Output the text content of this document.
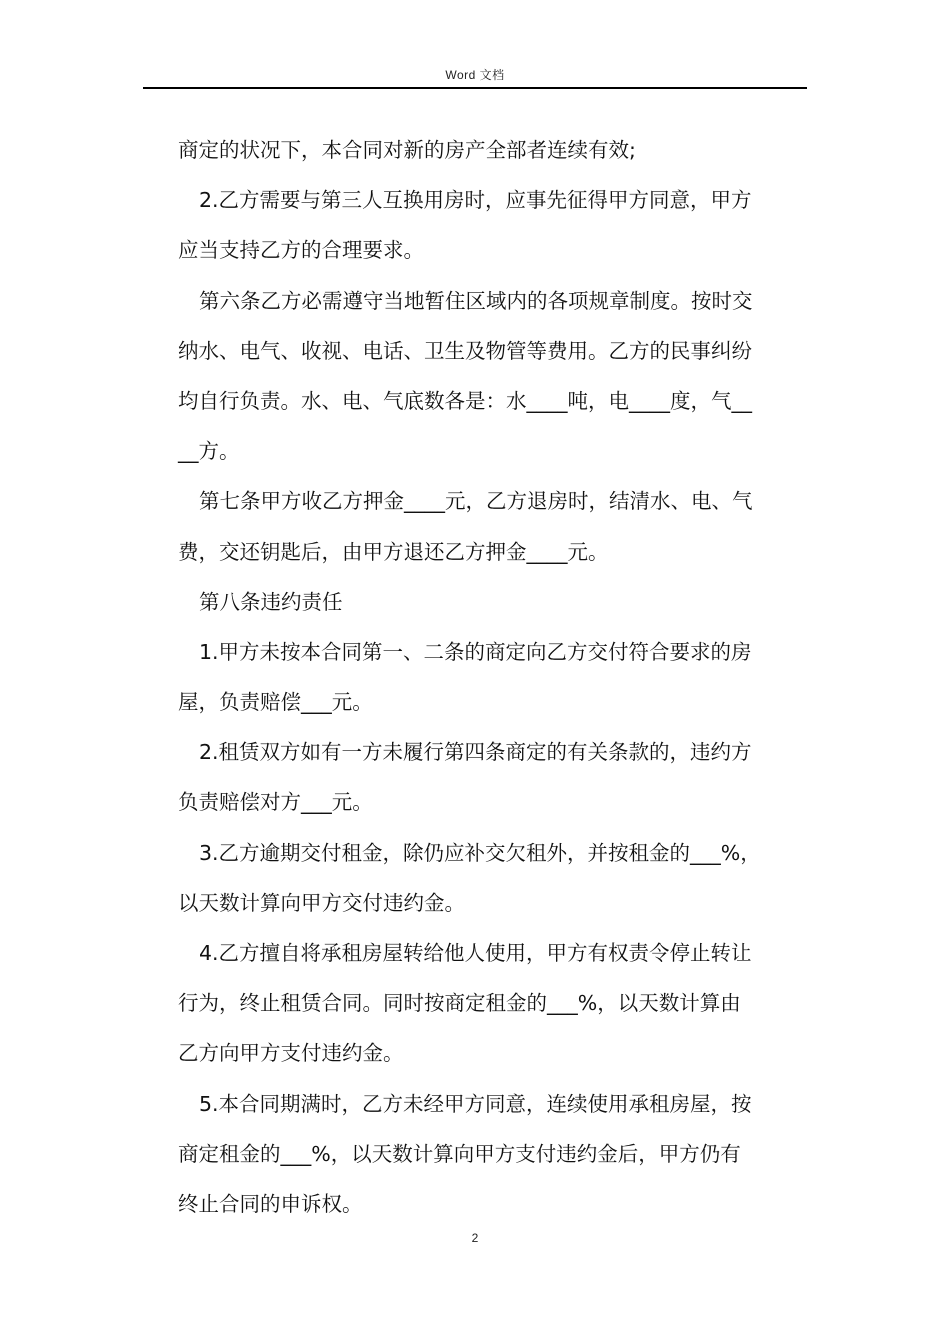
Word 文档
商定的状况下，本合同对新的房产全部者连续有效;
2.乙方需要与第三人互换用房时，应事先征得甲方同意，甲方
应当支持乙方的合理要求。
第六条乙方必需遵守当地暂住区域内的各项规章制度。按时交
纳水、电气、收视、电话、卫生及物管等费用。乙方的民事纠纷
均自行负责。水、电、气底数各是：水____吨，电____度，气__
__方。
第七条甲方收乙方押金____元，乙方退房时，结清水、电、气
费，交还钥匙后，由甲方退还乙方押金____元。
第八条违约责任
1.甲方未按本合同第一、二条的商定向乙方交付符合要求的房
屋，负责赔偿___元。
2.租赁双方如有一方未履行第四条商定的有关条款的，违约方
负责赔偿对方___元。
3.乙方逾期交付租金，除仍应补交欠租外，并按租金的___%，
以天数计算向甲方交付违约金。
4.乙方擅自将承租房屋转给他人使用，甲方有权责令停止转让
行为，终止租赁合同。同时按商定租金的___%，以天数计算由
乙方向甲方支付违约金。
5.本合同期满时，乙方未经甲方同意，连续使用承租房屋，按
商定租金的___%，以天数计算向甲方支付违约金后，甲方仍有
终止合同的申诉权。
2
